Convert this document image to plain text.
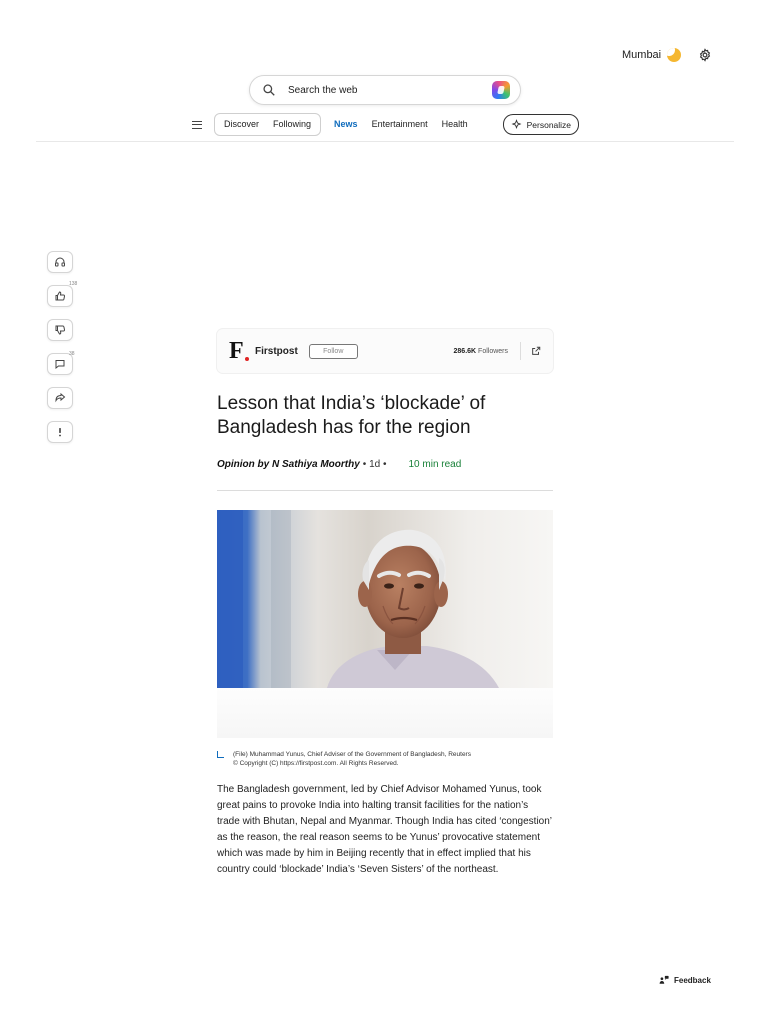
Mumbai
Search the web
Discover	Following	News	Entertainment	Health	Personalize
138
38	F	Firstpost	Follow	286.6K Followers
Lesson that India’s ‘blockade’ of Bangladesh has for the region
Opinion by N Sathiya Moorthy • 1d • 10 min read
(File) Muhammad Yunus, Chief Adviser of the Government of Bangladesh, Reuters
© Copyright (C) https://firstpost.com. All Rights Reserved.

The Bangladesh government, led by Chief Advisor Mohamed Yunus, took great pains to provoke India into halting transit facilities for the nation’s trade with Bhutan, Nepal and Myanmar. Though India has cited ‘congestion’ as the reason, the real reason seems to be Yunus’ provocative statement which was made by him in Beijing recently that in effect implied that his country could ‘blockade’ India’s ‘Seven Sisters’ of the northeast.

Feedback
